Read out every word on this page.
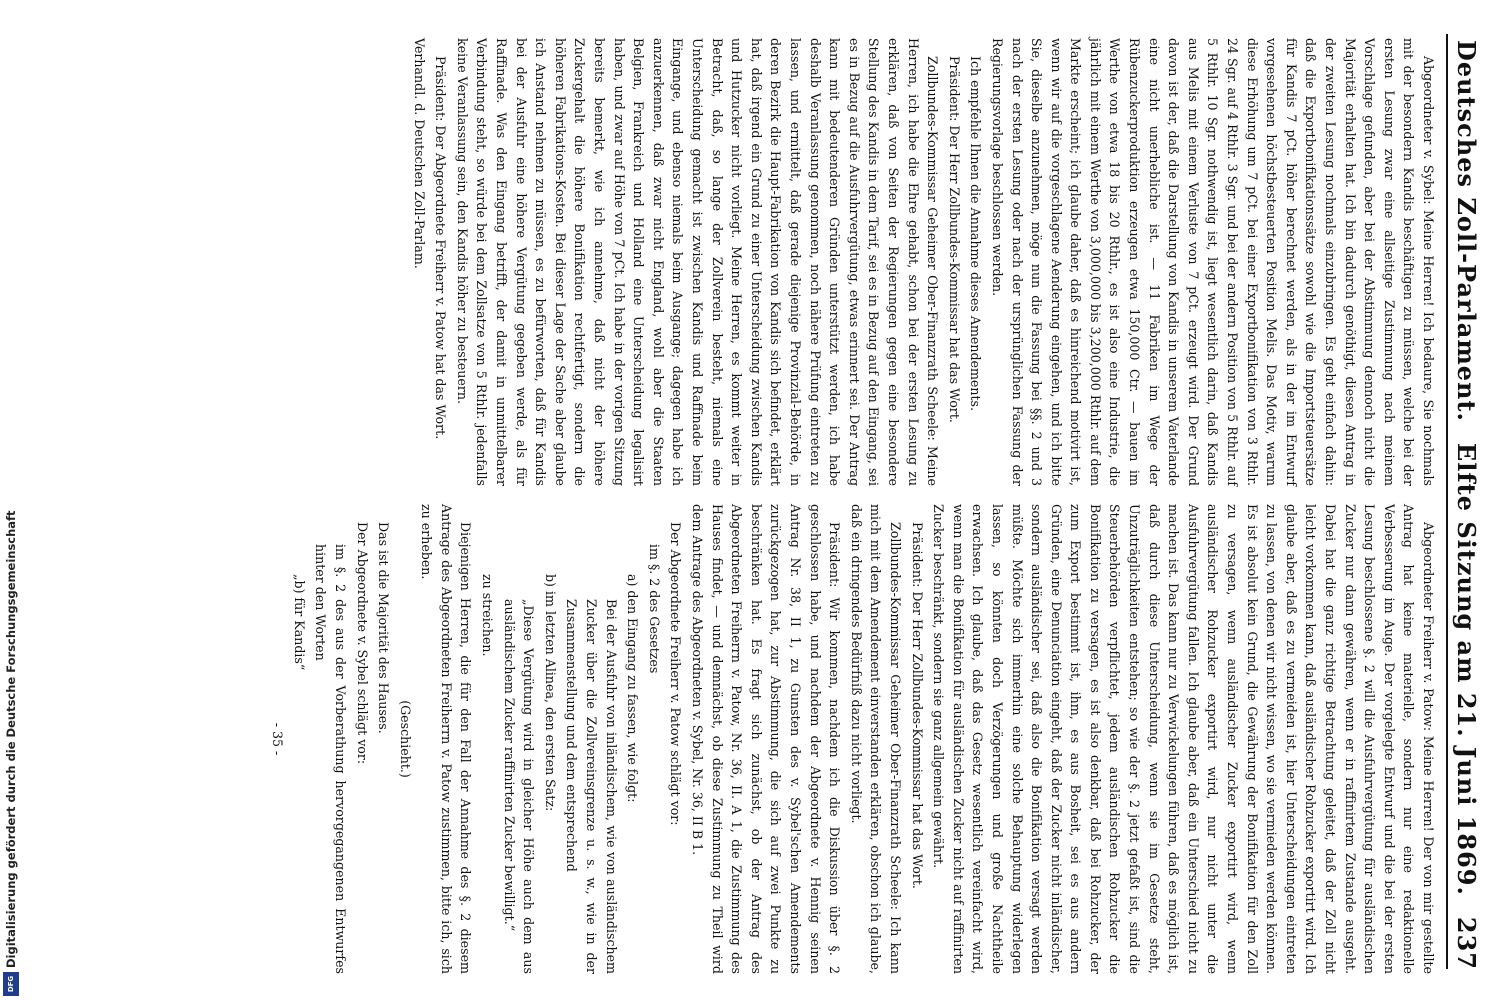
Deutsches Zoll-Parlament.
Elfte Sitzung am 21. Juni 1869.
237

Abgeordneter v. Sybel: Meine Herren! Ich bedaure, Sie nochmals mit der besondern Kandis beschäftigen zu müssen, welche bei der ersten Lesung zwar eine allseitige Zustimmung nach meinem Vorschlage gefunden, aber bei der Abstimmung dennoch nicht die Majorität erhalten hat. Ich bin dadurch genöthigt, diesen Antrag in der zweiten Lesung nochmals einzubringen. Es geht einfach dahin: daß die Exportbonifikationssätze sowohl wie die Importsteuersätze für Kandis 7 pCt. höher berechnet werden, als in der im Entwurf vorgesehenen höchstbesteuerten Position Melis. Das Motiv, warum diese Erhöhung um 7 pCt. bei einer Exportbonifikation von 3 Rthlr. 24 Sgr. auf 4 Rthlr. 3 Sgr. und bei der andern Position von 5 Rthlr. auf 5 Rthlr. 10 Sgr. nothwendig ist, liegt wesentlich darin, daß Kandis aus Melis mit einem Verluste von 7 pCt. erzeugt wird. Der Grund davon ist der, daß die Darstellung von Kandis in unserem Vaterlande eine nicht unerhebliche ist. — 11 Fabriken im Wege der Rübenzuckerproduktion erzeugen etwa 150,000 Ctr. — bauen im Werthe von etwa 18 bis 20 Rthlr., es ist also eine Industrie, die jährlich mit einem Werthe von 3,000,000 bis 3,200,000 Rthlr. auf dem Markte erscheint; ich glaube daher, daß es hinreichend motivirt ist, wenn wir auf die vorgeschlagene Aenderung eingehen, und ich bitte Sie, dieselbe anzunehmen, möge nun die Fassung bei §§. 2 und 3 nach der ersten Lesung oder nach der ursprünglichen Fassung der Regierungsvorlage beschlossen werden.

Ich empfehle Ihnen die Annahme dieses Amendements.

Präsident: Der Herr Zollbundes-Kommissar hat das Wort.

Zollbundes-Kommissar Geheimer Ober-Finanzrath Scheele: Meine Herren, ich habe die Ehre gehabt, schon bei der ersten Lesung zu erklären, daß von Seiten der Regierungen gegen eine besondere Stellung des Kandis in dem Tarif, sei es in Bezug auf den Eingang, sei es in Bezug auf die Ausfuhrvergütung, etwas erinnert sei. Der Antrag kann mit bedeutenderen Gründen unterstützt werden, ich habe deshalb Veranlassung genommen, noch nähere Prüfung eintreten zu lassen, und ermittelt, daß gerade diejenige Provinzial-Behörde, in deren Bezirk die Haupt-Fabrikation von Kandis sich befindet, erklärt hat, daß irgend ein Grund zu einer Unterscheidung zwischen Kandis und Hutzucker nicht vorliegt. Meine Herren, es kommt weiter in Betracht, daß, so lange der Zollverein besteht, niemals eine Unterscheidung gemacht ist zwischen Kandis und Raffinade beim Eingange, und ebenso niemals beim Ausgange; dagegen habe ich anzuerkennen, daß zwar nicht England, wohl aber die Staaten Belgien, Frankreich und Holland eine Unterscheidung legalisirt haben, und zwar auf Höhe von 7 pCt. Ich habe in der vorigen Sitzung bereits bemerkt, wie ich annehme, daß nicht der höhere Zuckergehalt die höhere Bonifikation rechtfertigt, sondern die höheren Fabrikations-Kosten. Bei dieser Lage der Sache aber glaube ich Anstand nehmen zu müssen, es zu befürworten, daß für Kandis bei der Ausfuhr eine höhere Vergütung gegeben werde, als für Raffinade. Was den Eingang betrifft, der damit in unmittelbarer Verbindung steht, so würde bei dem Zollsatze von 5 Rthlr. jedenfalls keine Veranlassung sein, den Kandis höher zu besteuern.

Präsident: Der Abgeordnete Freiherr v. Patow hat das Wort.

Verhandl. d. Deutschen Zoll-Parlam.

Abgeordneter Freiherr v. Patow: Meine Herren! Der von mir gestellte Antrag hat keine materielle, sondern nur eine redaktionelle Verbesserung im Auge. Der vorgelegte Entwurf und die bei der ersten Lesung beschlossene §. 2 will die Ausfuhrvergütung für ausländischen Zucker nur dann gewähren, wenn er in raffinirtem Zustande ausgeht. Dabei hat die ganz richtige Betrachtung geleitet, daß der Zoll nicht leicht vorkommen kann, daß ausländischer Rohzucker exportirt wird. Ich glaube aber, daß es zu vermeiden ist, hier Unterscheidungen eintreten zu lassen, von denen wir nicht wissen, wo sie vermieden werden können. Es ist absolut kein Grund, die Gewährung der Bonifikation für den Zoll zu versagen, wenn ausländischer Zucker exportirt wird, wenn ausländischer Rohzucker exportirt wird, nur nicht unter die Ausfuhrvergütung fallen. Ich glaube aber, daß ein Unterschied nicht zu machen ist. Das kann nur zu Verwickelungen führen, daß es möglich ist, daß durch diese Unterscheidung, wenn sie im Gesetze steht, Unzuträglichkeiten entstehen; so wie der §. 2 jetzt gefaßt ist, sind die Steuerbehörden verpflichtet, jedem ausländischen Rohzucker die Bonifikation zu versagen, es ist also denkbar, daß bei Rohzucker, der zum Export bestimmt ist, ihm, es aus Bosheit, sei es aus andern Gründen, eine Denunciation eingeht, daß der Zucker nicht inländischer, sondern ausländischer sei, daß also die Bonifikation versagt werden müßte. Möchte sich immerhin eine solche Behauptung widerlegen lassen, so könnten doch Verzögerungen und große Nachtheile erwachsen. Ich glaube, daß das Gesetz wesentlich vereinfacht wird, wenn man die Bonifikation für ausländischen Zucker nicht auf raffinirten Zucker beschränkt, sondern sie ganz allgemein gewährt.

Präsident: Der Herr Zollbundes-Kommissar hat das Wort.

Zollbundes-Kommissar Geheimer Ober-Finanzrath Scheele: Ich kann mich mit dem Amendement einverstanden erklären, obschon ich glaube, daß ein dringendes Bedürfniß dazu nicht vorliegt.

Präsident: Wir kommen, nachdem ich die Diskussion über §. 2 geschlossen habe, und nachdem der Abgeordnete v. Hennig seinen Antrag Nr. 38, II 1, zu Gunsten des v. Sybel'schen Amendements zurückgezogen hat, zur Abstimmung, die sich auf zwei Punkte zu beschränken hat. Es fragt sich zunächst, ob der Antrag des Abgeordneten Freiherrn v. Patow, Nr. 36, II. A 1, die Zustimmung des Hauses findet, — und demnächst, ob diese Zustimmung zu Theil wird dem Antrage des Abgeordneten v. Sybel, Nr. 36, II B 1.

Der Abgeordnete Freiherr v. Patow schlägt vor:

im §. 2 des Gesetzes

a) den Eingang zu fassen, wie folgt:

Bei der Ausfuhr von inländischem, wie von ausländischem Zucker über die Zollvereinsgrenze u. s. w., wie in der Zusammenstellung und dem entsprechend

b) im letzten Alinea, den ersten Satz:

„Diese Vergütung wird in gleicher Höhe auch dem aus ausländischem Zucker raffinirten Zucker bewilligt.“

zu streichen.

Diejenigen Herren, die für den Fall der Annahme des §. 2 diesem Antrage des Abgeordneten Freiherrn v. Patow zustimmen, bitte ich, sich zu erheben.

(Geschieht.)

Das ist die Majorität des Hauses.

Der Abgeordnete v. Sybel schlägt vor:

im §. 2 des aus der Vorberathung hervorgegangenen Entwurfes hinter den Worten

„b) für Kandis“

- 35 -

Digitalisierung gefördert durch die Deutsche Forschungsgemeinschaft
DFG
